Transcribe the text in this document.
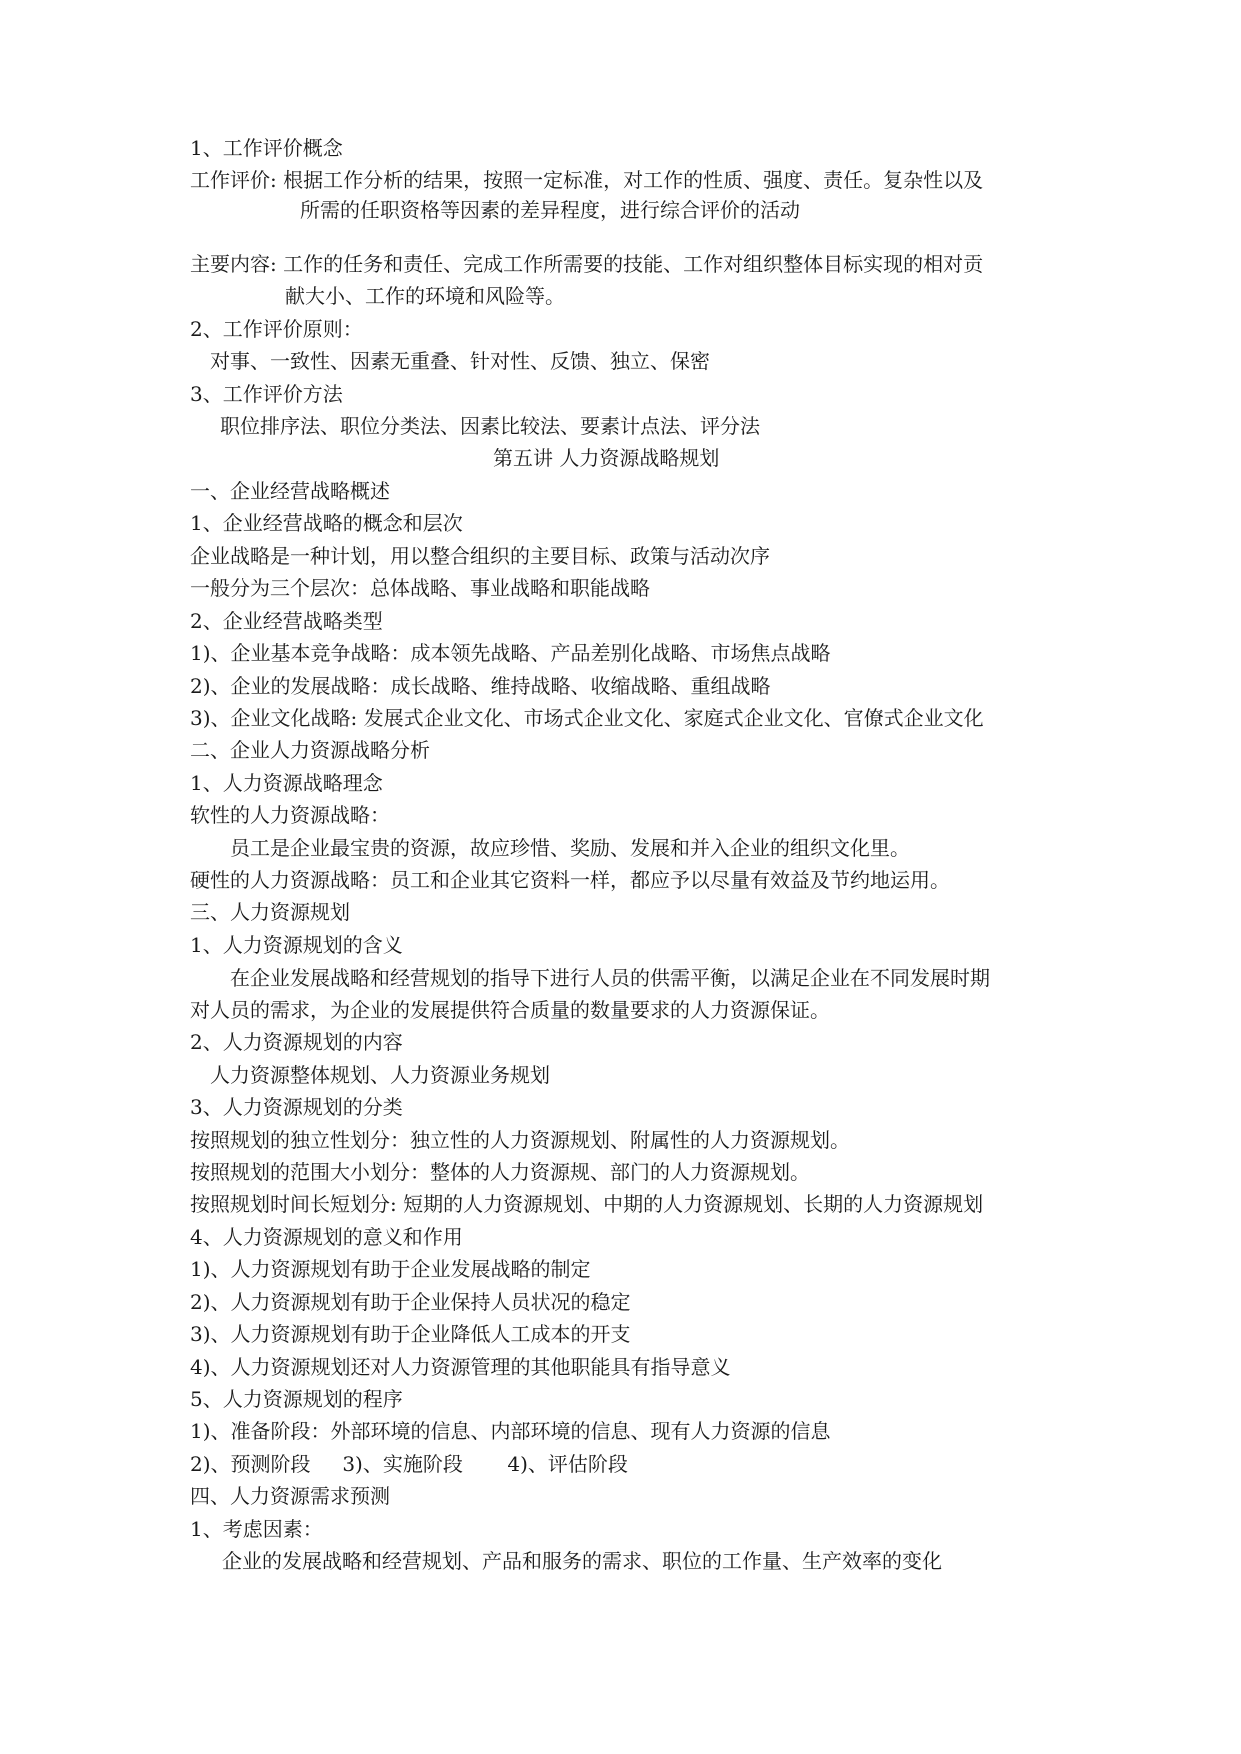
1、工作评价概念
工作评价: 根据工作分析的结果，按照一定标准，对工作的性质、强度、责任。复杂性以及
所需的任职资格等因素的差异程度，进行综合评价的活动
主要内容: 工作的任务和责任、完成工作所需要的技能、工作对组织整体目标实现的相对贡
献大小、工作的环境和风险等。
2、工作评价原则：
对事、一致性、因素无重叠、针对性、反馈、独立、保密
3、工作评价方法
职位排序法、职位分类法、因素比较法、要素计点法、评分法
第五讲 人力资源战略规划
一、企业经营战略概述
1、企业经营战略的概念和层次
企业战略是一种计划，用以整合组织的主要目标、政策与活动次序
一般分为三个层次：总体战略、事业战略和职能战略
2、企业经营战略类型
1)、企业基本竞争战略：成本领先战略、产品差别化战略、市场焦点战略
2)、企业的发展战略：成长战略、维持战略、收缩战略、重组战略
3)、企业文化战略: 发展式企业文化、市场式企业文化、家庭式企业文化、官僚式企业文化
二、企业人力资源战略分析
1、人力资源战略理念
软性的人力资源战略：
员工是企业最宝贵的资源，故应珍惜、奖励、发展和并入企业的组织文化里。
硬性的人力资源战略：员工和企业其它资料一样，都应予以尽量有效益及节约地运用。
三、人力资源规划
1、人力资源规划的含义
在企业发展战略和经营规划的指导下进行人员的供需平衡，以满足企业在不同发展时期
对人员的需求，为企业的发展提供符合质量的数量要求的人力资源保证。
2、人力资源规划的内容
人力资源整体规划、人力资源业务规划
3、人力资源规划的分类
按照规划的独立性划分：独立性的人力资源规划、附属性的人力资源规划。
按照规划的范围大小划分：整体的人力资源规、部门的人力资源规划。
按照规划时间长短划分: 短期的人力资源规划、中期的人力资源规划、长期的人力资源规划
4、人力资源规划的意义和作用
1)、人力资源规划有助于企业发展战略的制定
2)、人力资源规划有助于企业保持人员状况的稳定
3)、人力资源规划有助于企业降低人工成本的开支
4)、人力资源规划还对人力资源管理的其他职能具有指导意义
5、人力资源规划的程序
1)、准备阶段：外部环境的信息、内部环境的信息、现有人力资源的信息
2)、预测阶段     3)、实施阶段       4)、评估阶段
四、人力资源需求预测
1、考虑因素：
企业的发展战略和经营规划、产品和服务的需求、职位的工作量、生产效率的变化
